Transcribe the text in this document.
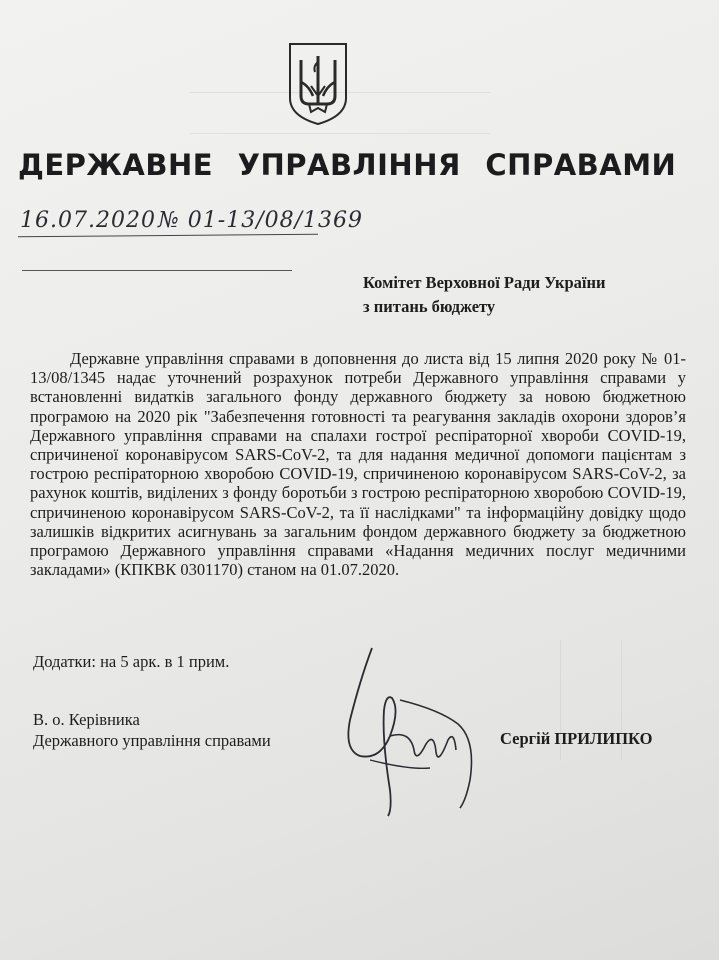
ДЕРЖАВНЕ УПРАВЛІННЯ СПРАВАМИ
16.07.2020 № 01-13/08/1369
Комітет Верховної Ради України
з питань бюджету
Державне управління справами в доповнення до листа від 15 липня 2020 року № 01-13/08/1345 надає уточнений розрахунок потреби Державного управління справами у встановленні видатків загального фонду державного бюджету за новою бюджетною програмою на 2020 рік "Забезпечення готовності та реагування закладів охорони здоров’я Державного управління справами на спалахи гострої респіраторної хвороби COVID-19, спричиненої коронавірусом SARS-CoV-2, та для надання медичної допомоги пацієнтам з гострою респіраторною хворобою COVID-19, спричиненою коронавірусом SARS-CoV-2, за рахунок коштів, виділених з фонду боротьби з гострою респіраторною хворобою COVID-19, спричиненою коронавірусом SARS-CoV-2, та її наслідками" та інформаційну довідку щодо залишків відкритих асигнувань за загальним фондом державного бюджету за бюджетною програмою Державного управління справами «Надання медичних послуг медичними закладами» (КПКВК 0301170) станом на 01.07.2020.
Додатки: на 5 арк. в 1 прим.
В. о. Керівника
Державного управління справами	Сергій ПРИЛИПКО
